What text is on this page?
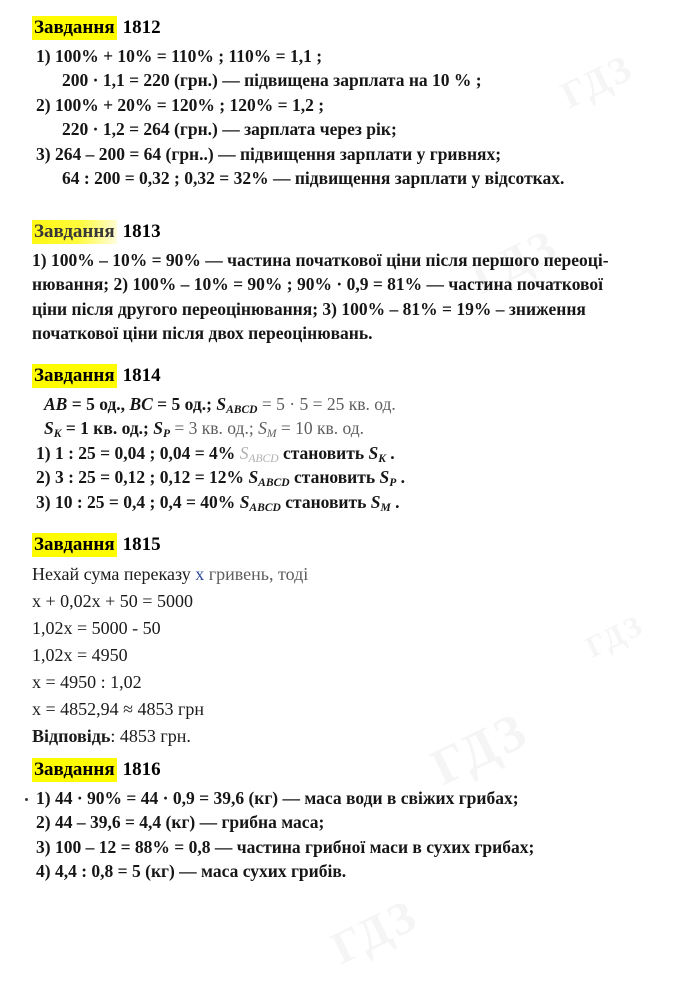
ГДЗ
ГДЗ
ГДЗ
ГДЗ
ГДЗ
Завдання 1812
1) 100% + 10% = 110% ; 110% = 1,1 ;
200 · 1,1 = 220 (грн.) — підвищена зарплата на 10 % ;
2) 100% + 20% = 120% ; 120% = 1,2 ;
220 · 1,2 = 264 (грн.) — зарплата через рік;
3) 264 – 200 = 64 (грн..) — підвищення зарплати у гривнях;
64 : 200 = 0,32 ; 0,32 = 32% — підвищення зарплати у відсотках.
Завдання 1813
1) 100% – 10% = 90% — частина початкової ціни після першого переоці-
нювання; 2) 100% – 10% = 90% ; 90% · 0,9 = 81% — частина початкової
ціни після другого переоцінювання; 3) 100% – 81% = 19% – зниження
початкової ціни після двох переоцінювань.
Завдання 1814
AB = 5 од., BC = 5 од.; $S_{ABCD} = 5 \cdot 5 = 25$ кв. од.
$S_K = 1$ кв. од.; $S_P = 3$ кв. од.; $S_M = 10$ кв. од.
1) 1 : 25 = 0,04 ; 0,04 = 4% $S_{ABCD}$ становить $S_K$ .
2) 3 : 25 = 0,12 ; 0,12 = 12% $S_{ABCD}$ становить $S_P$ .
3) 10 : 25 = 0,4 ; 0,4 = 40% $S_{ABCD}$ становить $S_M$ .
Завдання 1815
Нехай сума переказу x гривень, тоді
x + 0,02x + 50 = 5000
1,02x = 5000 - 50
1,02x = 4950
x = 4950 : 1,02
x = 4852,94 ≈ 4853 грн
Відповідь: 4853 грн.
Завдання 1816
1) 44 · 90% = 44 · 0,9 = 39,6 (кг) — маса води в свіжих грибах;
2) 44 – 39,6 = 4,4 (кг) — грибна маса;
3) 100 – 12 = 88% = 0,8 — частина грибної маси в сухих грибах;
4) 4,4 : 0,8 = 5 (кг) — маса сухих грибів.
